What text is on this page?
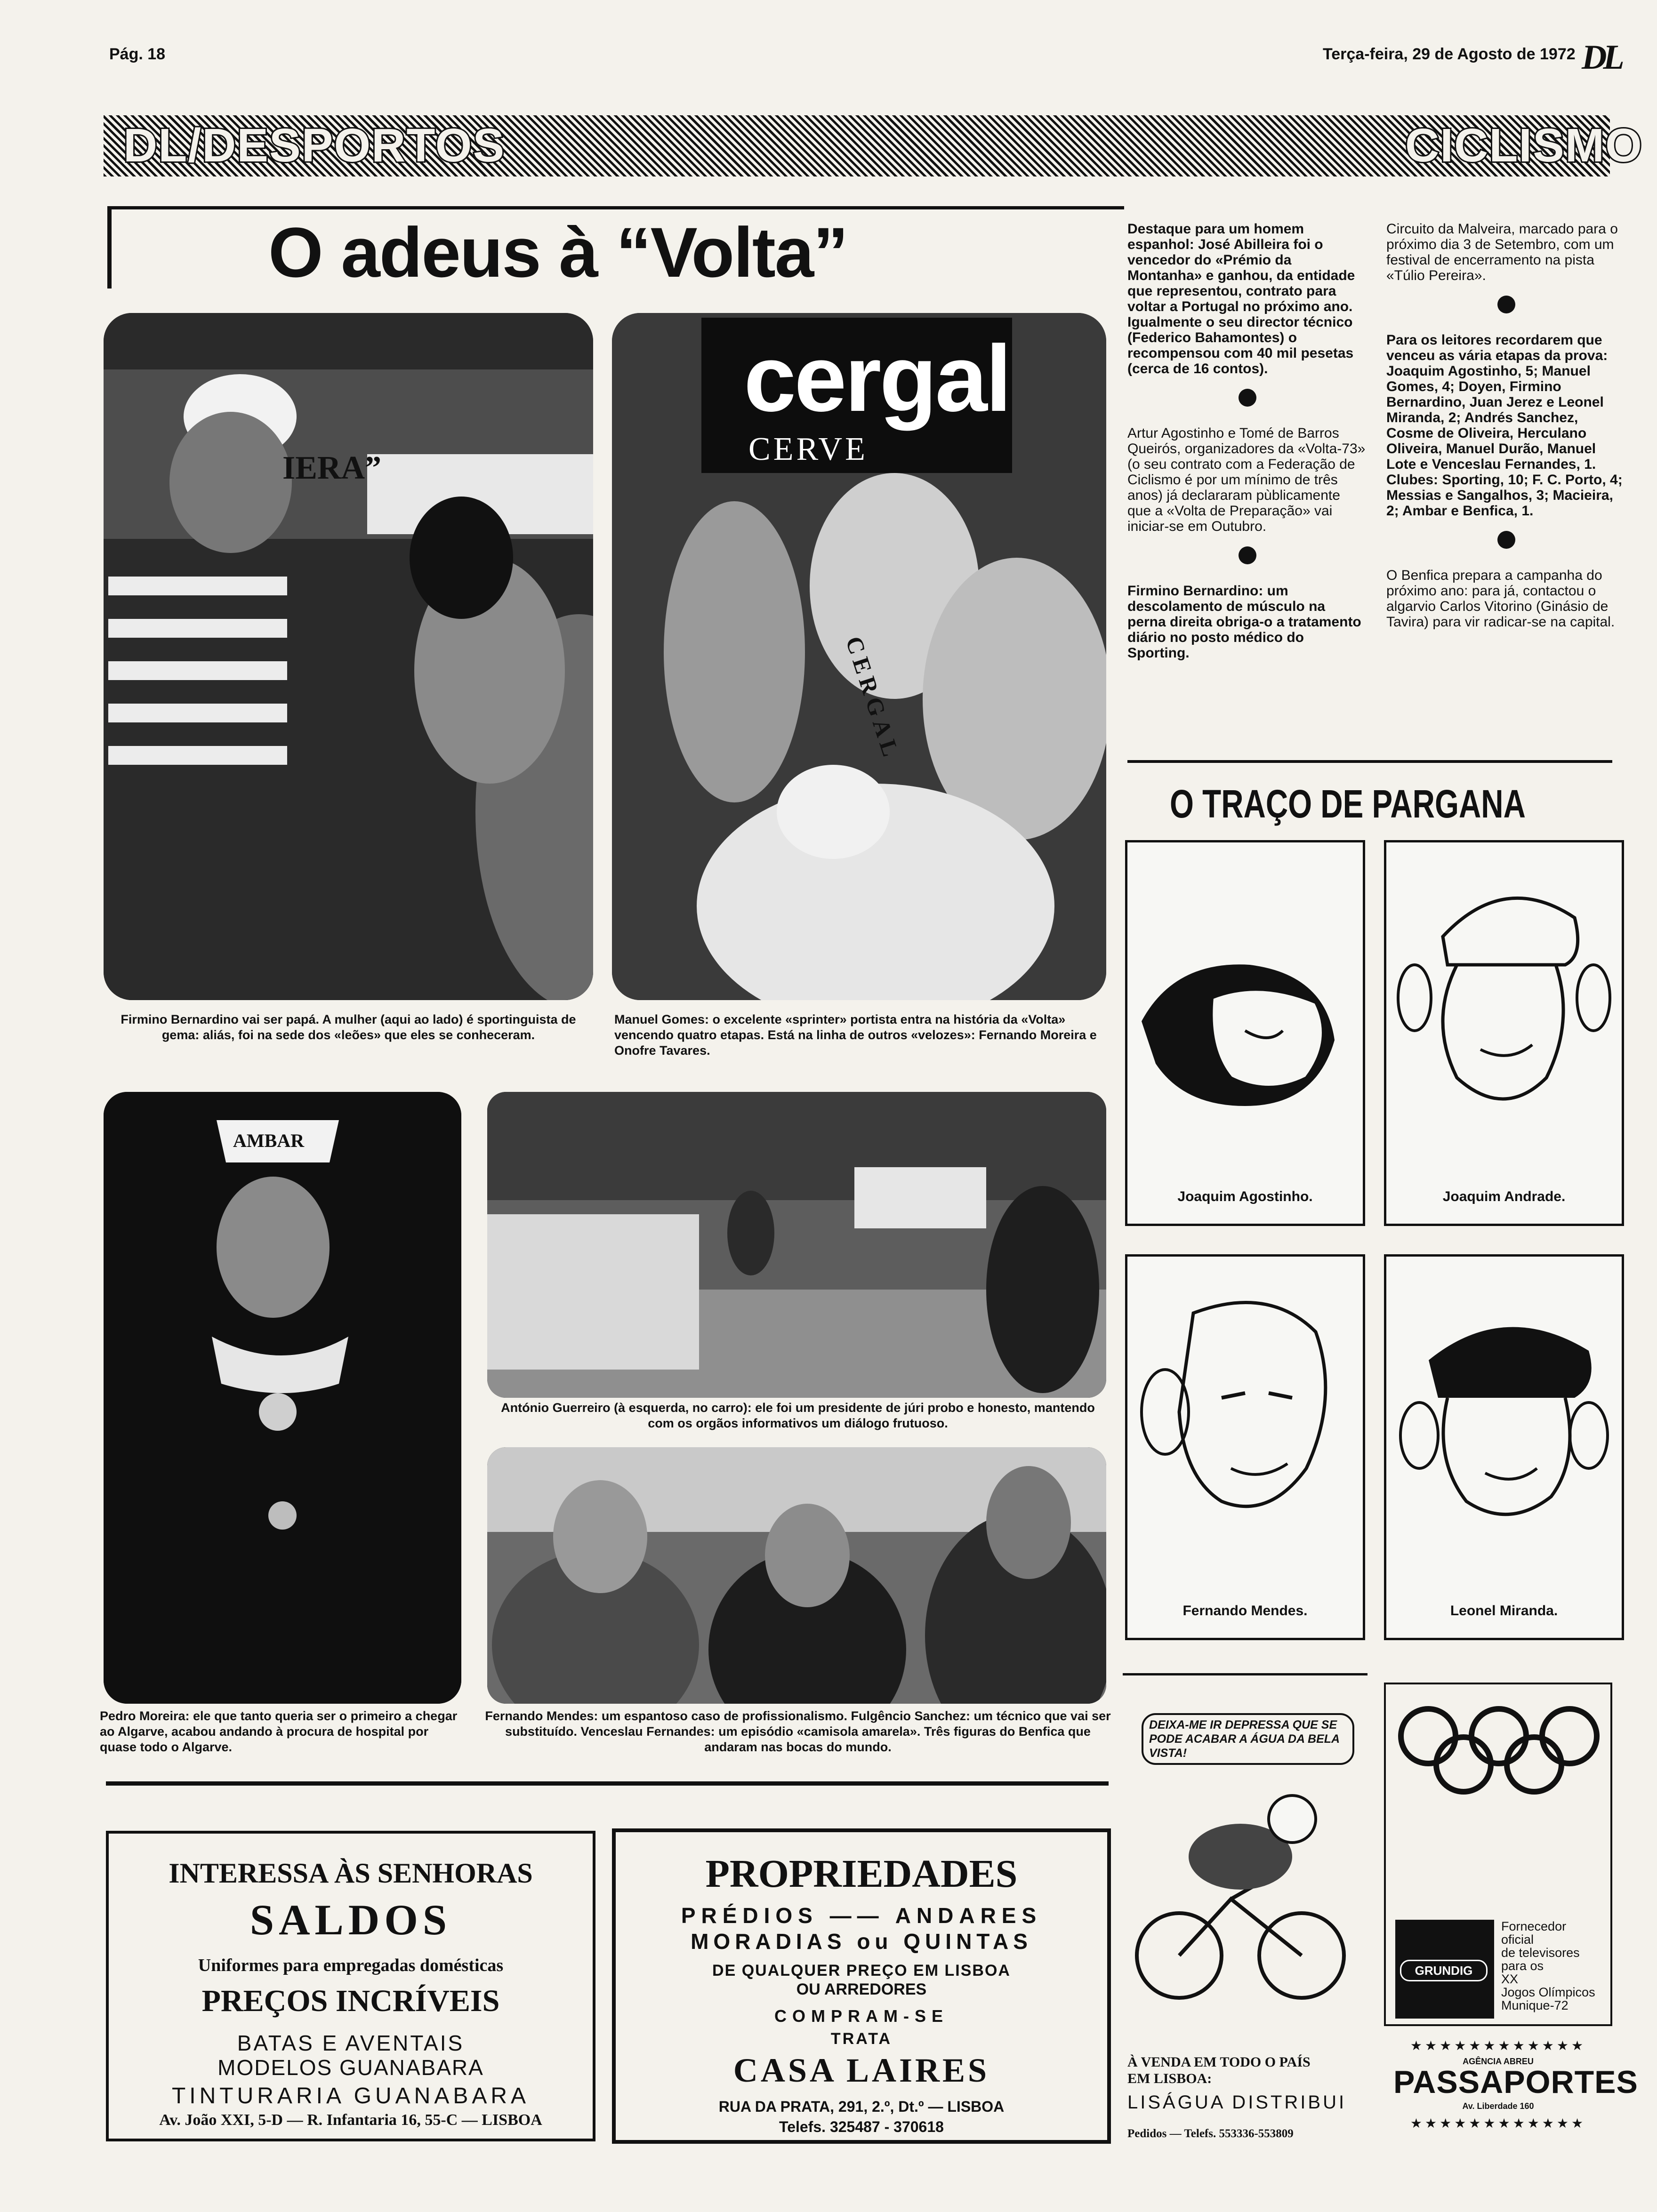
Pág. 18	Terça-feira, 29 de Agosto de 1972 DL
DL/DESPORTOS	CICLISMO
O adeus à “Volta”
IERA”
Firmino Bernardino vai ser papá. A mulher (aqui ao lado) é sportinguista de gema: aliás, foi na sede dos «leões» que eles se conheceram.
cergal
CERVE
CERGAL
Manuel Gomes: o excelente «sprinter» portista entra na história da «Volta» vencendo quatro etapas. Está na linha de outros «velozes»: Fernando Moreira e Onofre Tavares.
AMBAR
Pedro Moreira: ele que tanto queria ser o primeiro a chegar ao Algarve, acabou andando à procura de hospital por quase todo o Algarve.
António Guerreiro (à esquerda, no carro): ele foi um presidente de júri probo e honesto, mantendo com os orgãos informativos um diálogo frutuoso.
Fernando Mendes: um espantoso caso de profissionalismo. Fulgêncio Sanchez: um técnico que vai ser substituído. Venceslau Fernandes: um episódio «camisola amarela». Três figuras do Benfica que andaram nas bocas do mundo.

Destaque para um homem espanhol: José Abilleira foi o vencedor do «Prémio da Montanha» e ganhou, da entidade que representou, contrato para voltar a Portugal no próximo ano. Igualmente o seu director técnico (Federico Bahamontes) o recompensou com 40 mil pesetas (cerca de 16 contos).

Artur Agostinho e Tomé de Barros Queirós, organizadores da «Volta-73» (o seu contrato com a Federação de Ciclismo é por um mínimo de três anos) já declararam pùblicamente que a «Volta de Preparação» vai iniciar-se em Outubro.

Firmino Bernardino: um descolamento de músculo na perna direita obriga-o a tratamento diário no posto médico do Sporting.

Circuito da Malveira, marcado para o próximo dia 3 de Setembro, com um festival de encerramento na pista «Túlio Pereira».

Para os leitores recordarem que venceu as vária etapas da prova: Joaquim Agostinho, 5; Manuel Gomes, 4; Doyen, Firmino Bernardino, Juan Jerez e Leonel Miranda, 2; Andrés Sanchez, Cosme de Oliveira, Herculano Oliveira, Manuel Durão, Manuel Lote e Venceslau Fernandes, 1. Clubes: Sporting, 10; F. C. Porto, 4; Messias e Sangalhos, 3; Macieira, 2; Ambar e Benfica, 1.

O Benfica prepara a campanha do próximo ano: para já, contactou o algarvio Carlos Vitorino (Ginásio de Tavira) para vir radicar-se na capital.

O TRAÇO DE PARGANA
Joaquim Agostinho.	Joaquim Andrade.
Fernando Mendes.	Leonel Miranda.
DEIXA-ME IR DEPRESSA QUE SE PODE ACABAR A ÁGUA DA BELA VISTA!
À VENDA EM TODO O PAÍS
EM LISBOA:
LISÁGUA DISTRIBUI
Pedidos — Telefs. 553336-553809
GRUNDIG
Fornecedor
oficial
de televisores
para os
XX
Jogos Olímpicos
Munique-72
★★★★★★★★★★★★
AGÊNCIA ABREU
PASSAPORTES
Av. Liberdade 160
★★★★★★★★★★★★
INTERESSA ÀS SENHORAS
SALDOS
Uniformes para empregadas domésticas
PREÇOS INCRÍVEIS
BATAS E AVENTAIS
MODELOS GUANABARA
TINTURARIA GUANABARA
Av. João XXI, 5-D — R. Infantaria 16, 55-C — LISBOA
PROPRIEDADES
PRÉDIOS —— ANDARES
MORADIAS ou QUINTAS
DE QUALQUER PREÇO EM LISBOA
OU ARREDORES
COMPRAM-SE
TRATA
CASA LAIRES
RUA DA PRATA, 291, 2.º, Dt.º — LISBOA
Telefs. 325487 - 370618
